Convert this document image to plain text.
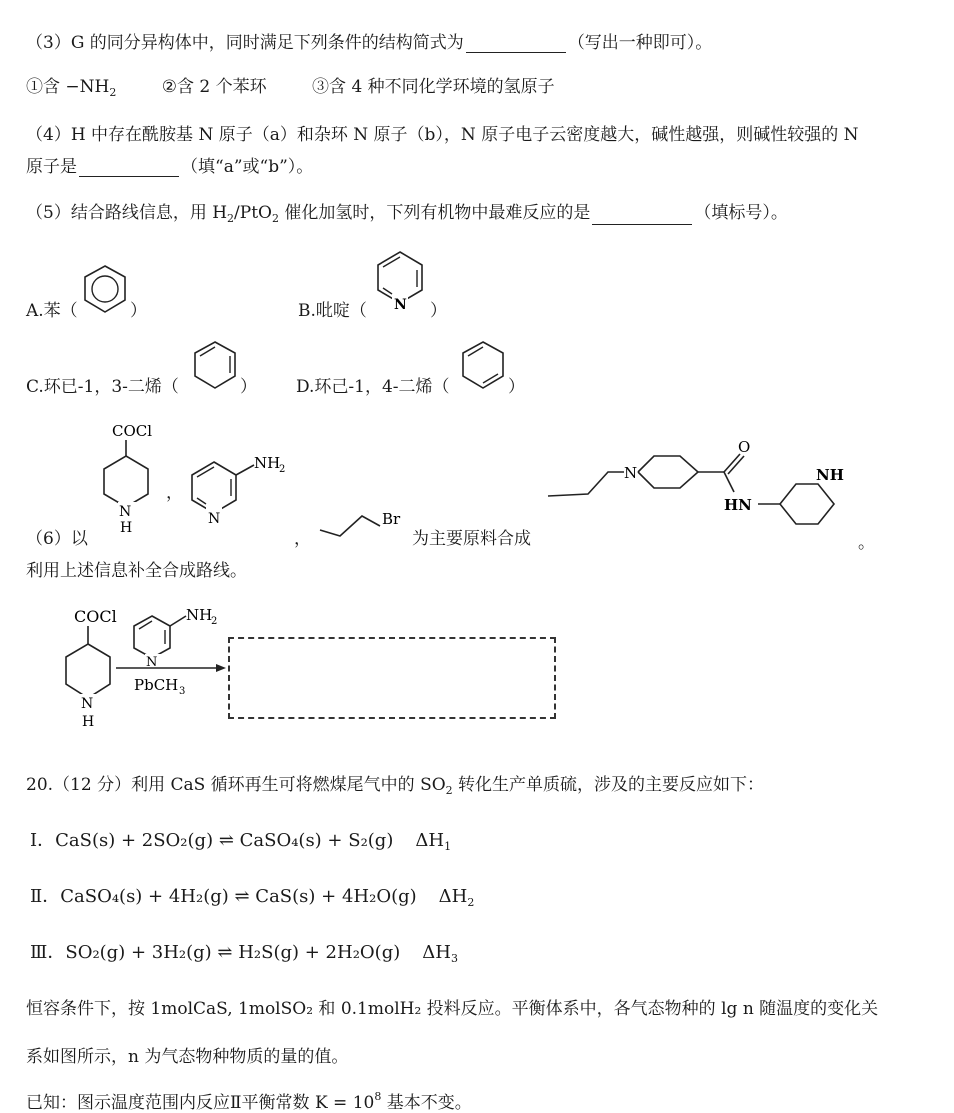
（3）G 的同分异构体中，同时满足下列条件的结构简式为	（写出一种即可）。
①含 $-NH_2$	②含 2 个苯环	③含 4 种不同化学环境的氢原子
（4）H 中存在酰胺基 N 原子（a）和杂环 N 原子（b），N 原子电子云密度越大，碱性越强，则碱性较强的 N
原子是	（填“a”或“b”）。
（5）结合路线信息，用 $H_2/PtO_2$ 催化加氢时，下列有机物中最难反应的是	（填标号）。
A.苯（	）	B.吡啶（ N ）
C.环已-1，3-二烯（	） D.环己-1，4-二烯（	）
COCl
N
H
（6）以
，
NH
2
N
，
Br
为主要原料合成
N
O
HN
NH
。
利用上述信息补全合成路线。
COCl
N
H
NH
2
N
PbCH 3
20.（12 分）利用 CaS 循环再生可将燃煤尾气中的 $SO_2$ 转化生产单质硫，涉及的主要反应如下：
Ⅰ．CaS(s) + 2SO₂(g) ⇌ CaSO₄(s) + S₂(g) $\Delta H_1$
Ⅱ．CaSO₄(s) + 4H₂(g) ⇌ CaS(s) + 4H₂O(g) $\Delta H_2$
Ⅲ．SO₂(g) + 3H₂(g) ⇌ H₂S(g) + 2H₂O(g) $\Delta H_3$
恒容条件下，按 1molCaS, 1molSO₂ 和 0.1molH₂ 投料反应。平衡体系中，各气态物种的 lg n 随温度的变化关
系如图所示，n 为气态物种物质的量的值。
已知：图示温度范围内反应Ⅱ平衡常数 $K = 10^8$ 基本不变。
